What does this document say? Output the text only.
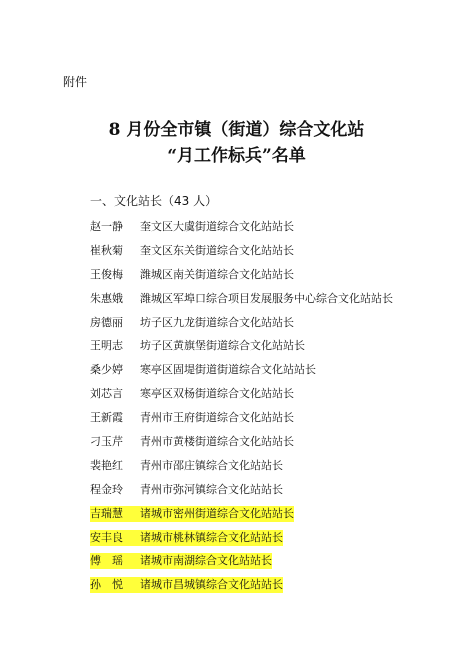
附件
8 月份全市镇（街道）综合文化站
“月工作标兵”名单
一、文化站长（43 人）
赵一静 奎文区大虞街道综合文化站站长
崔秋菊 奎文区东关街道综合文化站站长
王俊梅 潍城区南关街道综合文化站站长
朱惠娥 潍城区军埠口综合项目发展服务中心综合文化站站长
房德丽 坊子区九龙街道综合文化站站长
王明志 坊子区黄旗堡街道综合文化站站长
桑少婷 寒亭区固堤街道街道综合文化站站长
刘芯言 寒亭区双杨街道综合文化站站长
王新霞 青州市王府街道综合文化站站长
刁玉芹 青州市黄楼街道综合文化站站长
裴艳红 青州市邵庄镇综合文化站站长
程金玲 青州市弥河镇综合文化站站长
吉瑞慧 诸城市密州街道综合文化站站长
安丰良 诸城市桃林镇综合文化站站长
傅　瑶 诸城市南湖综合文化站站长
孙　悦 诸城市昌城镇综合文化站站长
